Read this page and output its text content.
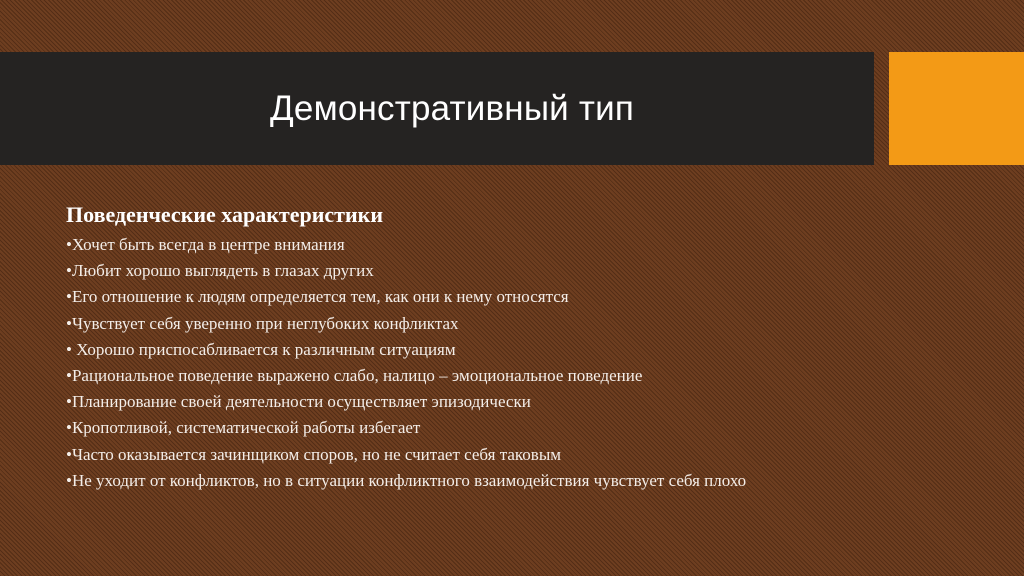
Демонстративный тип
Поведенческие характеристики
•Хочет быть всегда в центре внимания
•Любит хорошо выглядеть в глазах других
•Его отношение к людям определяется тем, как они к нему относятся
•Чувствует себя уверенно при неглубоких конфликтах
• Хорошо приспосабливается к различным ситуациям
•Рациональное поведение выражено слабо, налицо – эмоциональное поведение
•Планирование своей деятельности осуществляет эпизодически
•Кропотливой, систематической работы избегает
•Часто оказывается зачинщиком споров, но не считает себя таковым
•Не уходит от конфликтов, но в ситуации конфликтного взаимодействия чувствует себя плохо
